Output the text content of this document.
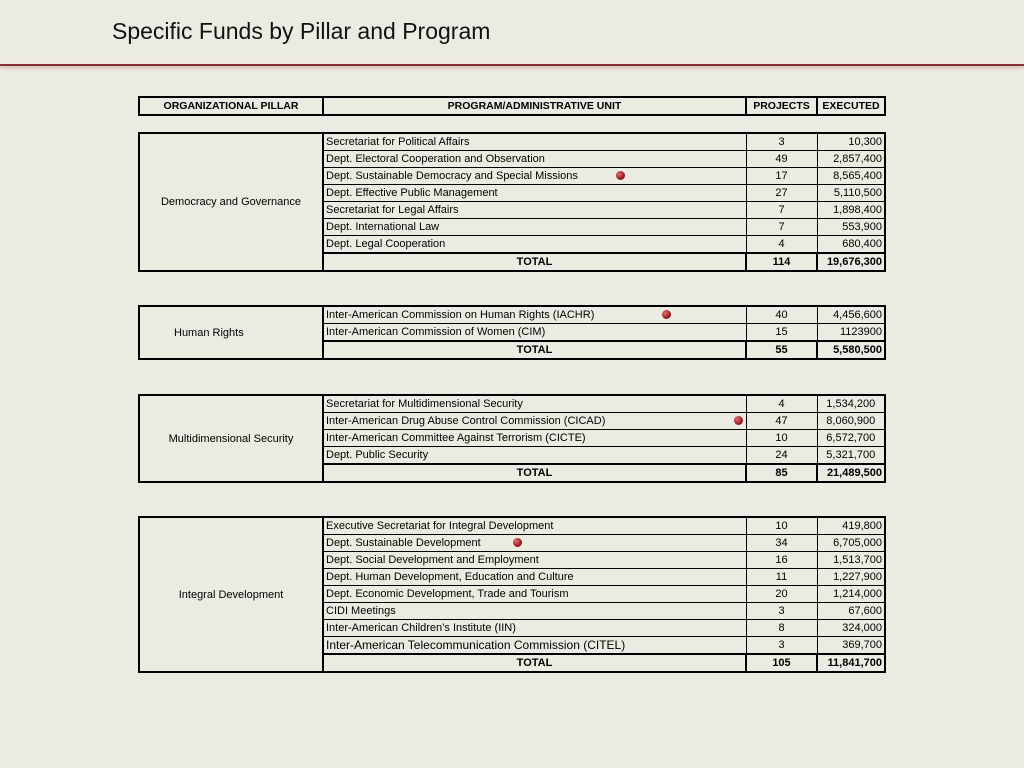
Specific Funds by Pillar and Program
ORGANIZATIONAL PILLAR	PROGRAM/ADMINISTRATIVE UNIT	PROJECTS	EXECUTED
Democracy and Governance	Secretariat for Political Affairs	3	10,300
	Dept. Electoral Cooperation and Observation	49	2,857,400
	Dept. Sustainable Democracy and Special Missions	17	8,565,400
	Dept. Effective Public Management	27	5,110,500
	Secretariat for Legal Affairs	7	1,898,400
	Dept. International Law	7	553,900
	Dept. Legal Cooperation	4	680,400
	TOTAL	114	19,676,300
Human Rights	Inter-American Commission on Human Rights (IACHR)	40	4,456,600
	Inter-American Commission of Women (CIM)	15	1123900
	TOTAL	55	5,580,500
Multidimensional Security	Secretariat for Multidimensional Security	4	1,534,200
	Inter-American Drug Abuse Control Commission (CICAD)	47	8,060,900
	Inter-American Committee Against Terrorism (CICTE)	10	6,572,700
	Dept. Public Security	24	5,321,700
	TOTAL	85	21,489,500
Integral Development	Executive Secretariat for Integral Development	10	419,800
	Dept. Sustainable Development	34	6,705,000
	Dept. Social Development and Employment	16	1,513,700
	Dept. Human Development, Education and Culture	11	1,227,900
	Dept. Economic Development, Trade and Tourism	20	1,214,000
	CIDI Meetings	3	67,600
	Inter-American Children’s Institute (IIN)	8	324,000
	Inter-American Telecommunication Commission (CITEL)	3	369,700
	TOTAL	105	11,841,700
